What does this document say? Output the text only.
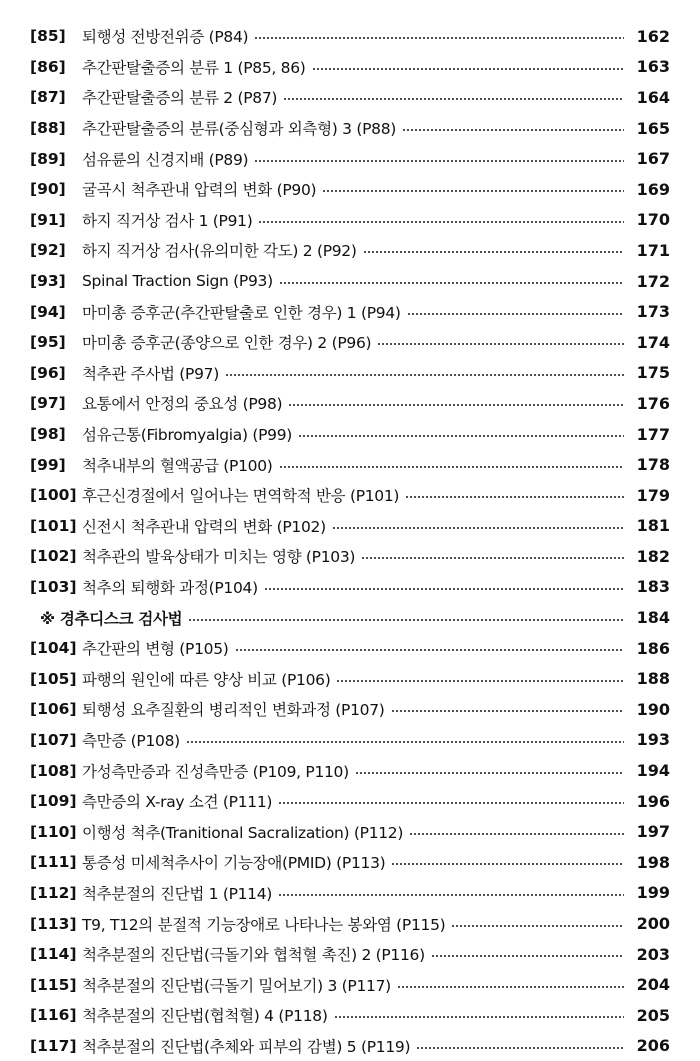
[85]	퇴행성 전방전위증 (P84)	162
[86]	추간판탈출증의 분류 1 (P85, 86)	163
[87]	추간판탈출증의 분류 2 (P87)	164
[88]	추간판탈출증의 분류(중심형과 외측형) 3 (P88)	165
[89]	섬유륜의 신경지배 (P89)	167
[90]	굴곡시 척추관내 압력의 변화 (P90)	169
[91]	하지 직거상 검사 1 (P91)	170
[92]	하지 직거상 검사(유의미한 각도) 2 (P92)	171
[93]	Spinal Traction Sign (P93)	172
[94]	마미총 증후군(추간판탈출로 인한 경우) 1 (P94)	173
[95]	마미총 증후군(종양으로 인한 경우) 2 (P96)	174
[96]	척추관 주사법 (P97)	175
[97]	요통에서 안정의 중요성 (P98)	176
[98]	섬유근통(Fibromyalgia) (P99)	177
[99]	척추내부의 혈액공급 (P100)	178
[100] 후근신경절에서 일어나는 면역학적 반응 (P101)	179
[101] 신전시 척추관내 압력의 변화 (P102)	181
[102] 척추관의 발육상태가 미치는 영향 (P103)	182
[103] 척추의 퇴행화 과정(P104)	183
※ 경추디스크 검사법	184
[104] 추간판의 변형 (P105)	186
[105] 파행의 원인에 따른 양상 비교 (P106)	188
[106] 퇴행성 요추질환의 병리적인 변화과정 (P107)	190
[107] 측만증 (P108)	193
[108] 가성측만증과 진성측만증 (P109, P110)	194
[109] 측만증의 X-ray 소견 (P111)	196
[110] 이행성 척추(Tranitional Sacralization) (P112)	197
[111] 통증성 미세척추사이 기능장애(PMID) (P113)	198
[112] 척추분절의 진단법 1 (P114)	199
[113] T9, T12의 분절적 기능장애로 나타나는 봉와염 (P115)	200
[114] 척추분절의 진단법(극돌기와 협척혈 촉진) 2 (P116)	203
[115] 척추분절의 진단법(극돌기 밀어보기) 3 (P117)	204
[116] 척추분절의 진단법(협척혈) 4 (P118)	205
[117] 척추분절의 진단법(추체와 피부의 감별) 5 (P119)	206
